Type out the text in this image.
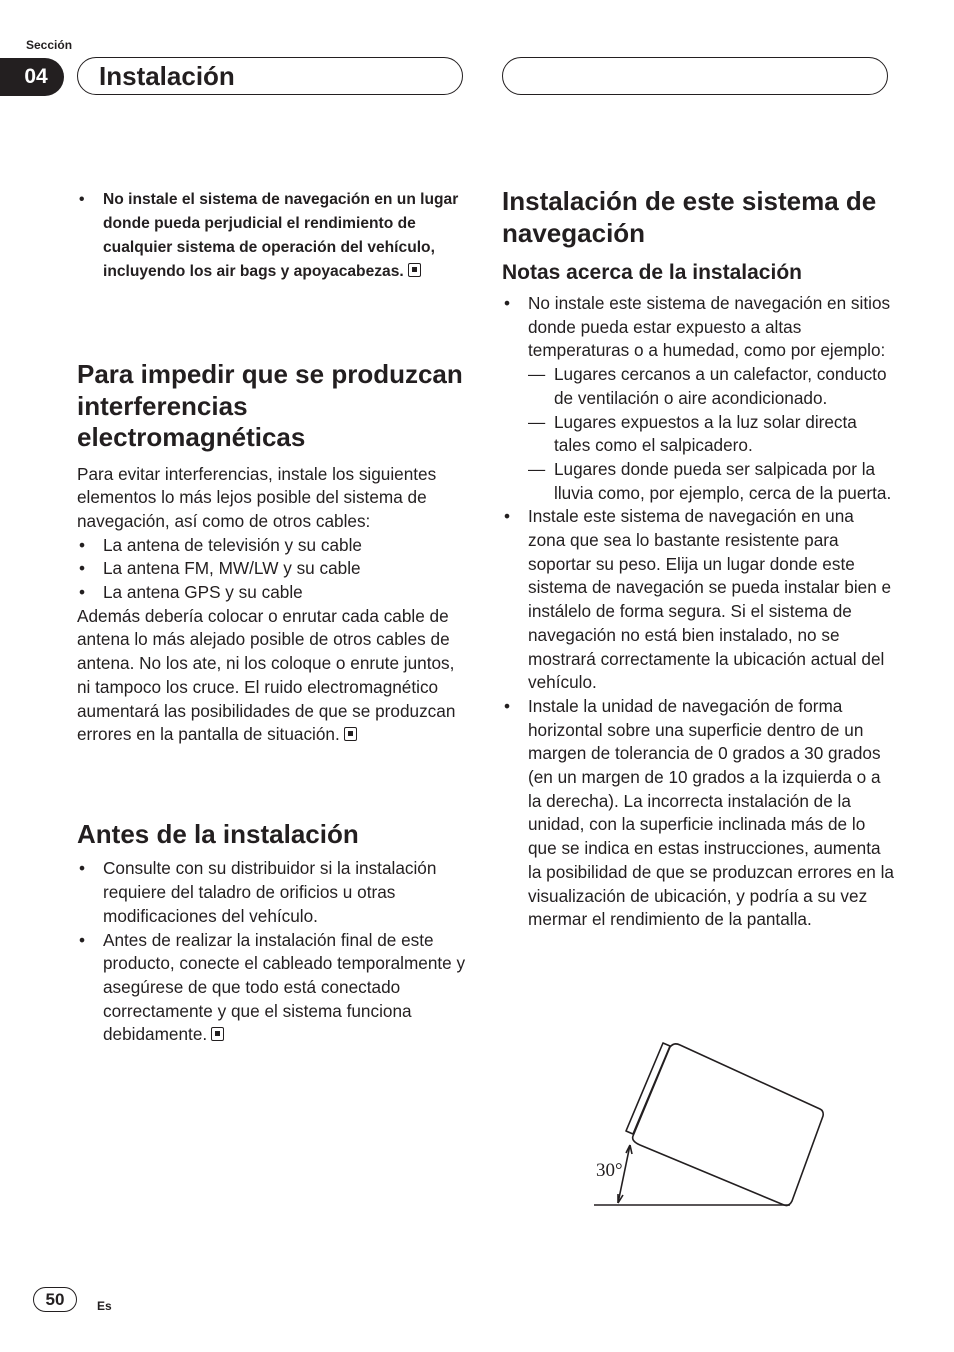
Sección
04	Instalación
• No instale el sistema de navegación en un lugar donde pueda perjudicial el rendimiento de cualquier sistema de operación del vehículo, incluyendo los air bags y apoyacabezas.
Para impedir que se produzcan interferencias electromagnéticas

Para evitar interferencias, instale los siguientes elementos lo más lejos posible del sistema de navegación, así como de otros cables:

• La antena de televisión y su cable
• La antena FM, MW/LW y su cable
• La antena GPS y su cable

Además debería colocar o enrutar cada cable de antena lo más alejado posible de otros cables de antena. No los ate, ni los coloque o enrute juntos, ni tampoco los cruce. El ruido electromagnético aumentará las posibilidades de que se produzcan errores en la pantalla de situación.

Antes de la instalación
• Consulte con su distribuidor si la instalación requiere del taladro de orificios u otras modificaciones del vehículo.
• Antes de realizar la instalación final de este producto, conecte el cableado temporalmente y asegúrese de que todo está conectado correctamente y que el sistema funciona debidamente.
Instalación de este sistema de navegación
Notas acerca de la instalación
• No instale este sistema de navegación en sitios donde pueda estar expuesto a altas temperaturas o a humedad, como por ejemplo:
— Lugares cercanos a un calefactor, conducto de ventilación o aire acondicionado.
— Lugares expuestos a la luz solar directa tales como el salpicadero.
— Lugares donde pueda ser salpicada por la lluvia como, por ejemplo, cerca de la puerta.
• Instale este sistema de navegación en una zona que sea lo bastante resistente para soportar su peso. Elija un lugar donde este sistema de navegación se pueda instalar bien e instálelo de forma segura. Si el sistema de navegación no está bien instalado, no se mostrará correctamente la ubicación actual del vehículo.
• Instale la unidad de navegación de forma horizontal sobre una superficie dentro de un margen de tolerancia de 0 grados a 30 grados (en un margen de 10 grados a la izquierda o a la derecha). La incorrecta instalación de la unidad, con la superficie inclinada más de lo que se indica en estas instrucciones, aumenta la posibilidad de que se produzcan errores en la visualización de ubicación, y podría a su vez mermar el rendimiento de la pantalla.
30°
50	Es
